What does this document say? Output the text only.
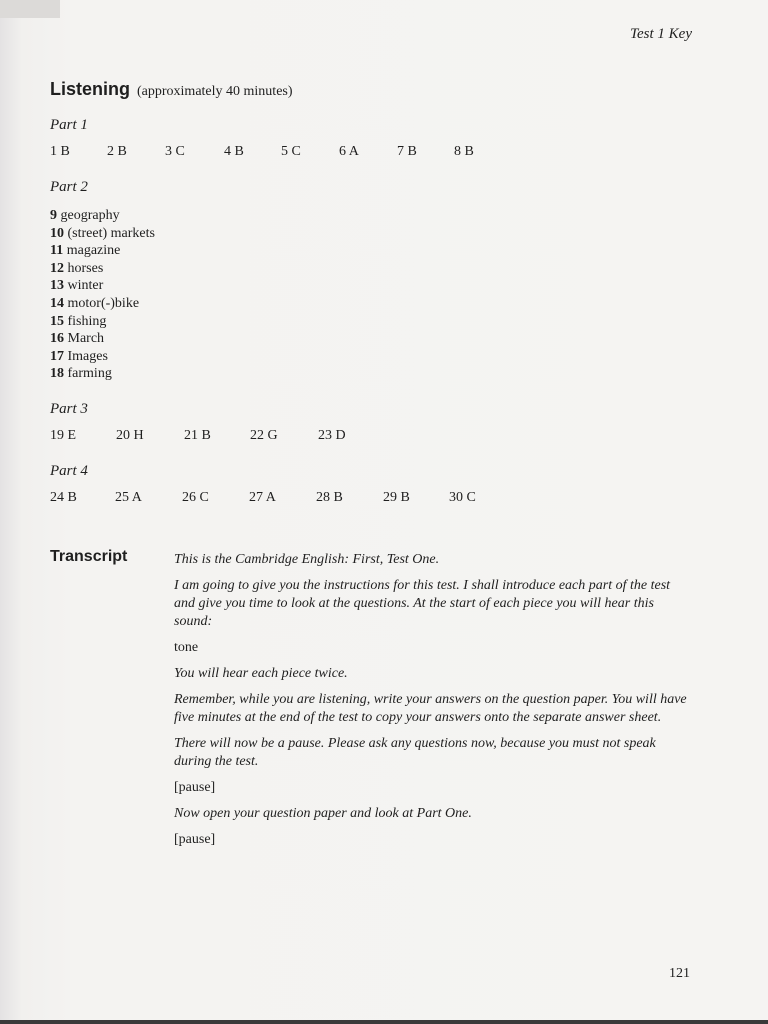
Test 1 Key
Listening (approximately 40 minutes)
Part 1
1 B	2 B	3 C	4 B	5 C	6 A	7 B	8 B
Part 2
9 geography
10 (street) markets
11 magazine
12 horses
13 winter
14 motor(-)bike
15 fishing
16 March
17 Images
18 farming
Part 3
19 E	20 H	21 B	22 G	23 D
Part 4
24 B	25 A	26 C	27 A	28 B	29 B	30 C
Transcript	This is the Cambridge English: First, Test One.

I am going to give you the instructions for this test. I shall introduce each part of the test and give you time to look at the questions. At the start of each piece you will hear this sound:

tone

You will hear each piece twice.

Remember, while you are listening, write your answers on the question paper. You will have five minutes at the end of the test to copy your answers onto the separate answer sheet.

There will now be a pause. Please ask any questions now, because you must not speak during the test.

[pause]

Now open your question paper and look at Part One.

[pause]

121
